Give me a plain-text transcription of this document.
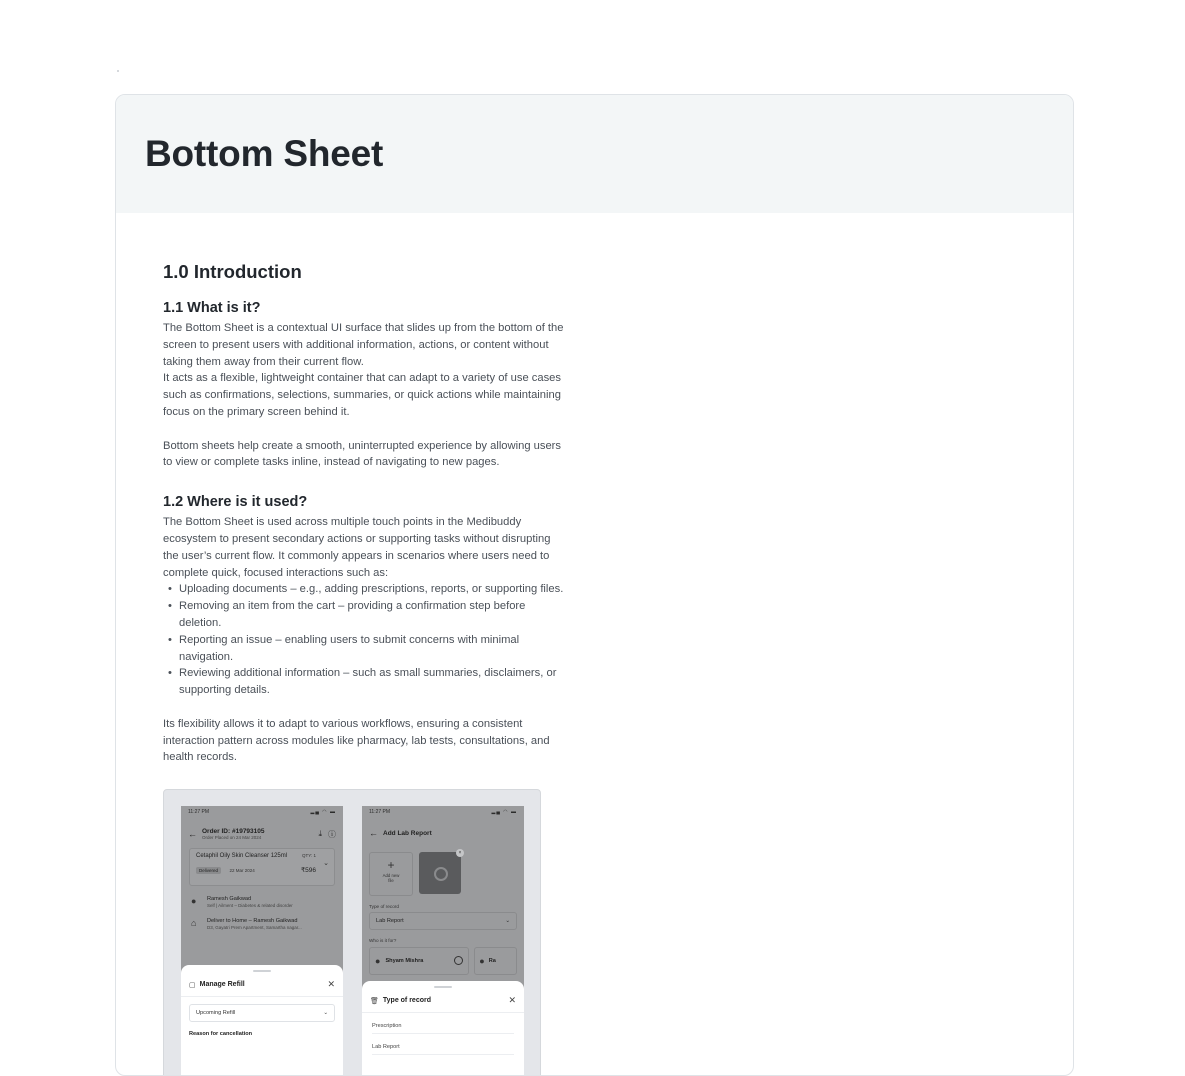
Bottom Sheet
1.0 Introduction
1.1 What is it?

The Bottom Sheet is a contextual UI surface that slides up from the bottom of the
screen to present users with additional information, actions, or content without
taking them away from their current flow.
It acts as a flexible, lightweight container that can adapt to a variety of use cases
such as confirmations, selections, summaries, or quick actions while maintaining
focus on the primary screen behind it.

Bottom sheets help create a smooth, uninterrupted experience by allowing users
to view or complete tasks inline, instead of navigating to new pages.

1.2 Where is it used?

The Bottom Sheet is used across multiple touch points in the Medibuddy
ecosystem to present secondary actions or supporting tasks without disrupting
the user’s current flow. It commonly appears in scenarios where users need to
complete quick, focused interactions such as:

• Uploading documents – e.g., adding prescriptions, reports, or supporting files.
• Removing an item from the cart – providing a confirmation step before
deletion.
• Reporting an issue – enabling users to submit concerns with minimal
navigation.
• Reviewing additional information – such as small summaries, disclaimers, or
supporting details.

Its flexibility allows it to adapt to various workflows, ensuring a consistent
interaction pattern across modules like pharmacy, lab tests, consultations, and
health records.

11:27 PM	▂▄ ◠ ▬
← Order ID: #19793105
Order Placed on 24 Mar 2024	⤓ ⓘ
Cetaphil Oily Skin Cleanser 125ml	QTY: 1
⌄
Delivered	22 Mar 2024	₹596
●	Ramesh Gaikwad
Self | Ailment – Diabetes & related disorder
⌂	Deliver to Home – Ramesh Gaikwad
D3, Gayatri Prem Apartment, Samartha nagar...
▢ Manage Refill	✕
Upcoming Refill	⌄
Reason for cancellation
11:27 PM	▂▄ ◠ ▬
← Add Lab Report
+
Add new
file
×
Type of record
Lab Report	⌄
Who is it for?
● Shyam Mishra	● Ra
🗑 Type of record	✕
Prescription
Lab Report
